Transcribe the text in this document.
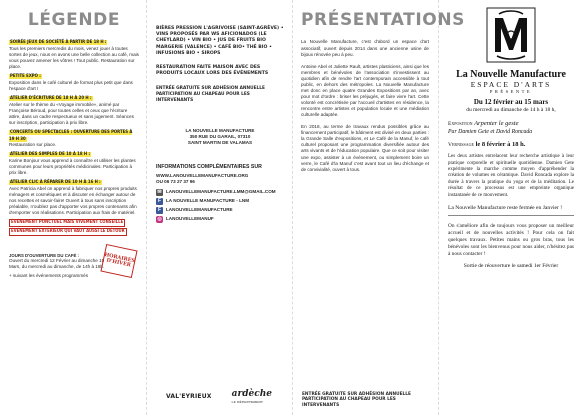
LÉGENDE
SOIRÉE JEUX DE SOCIÉTÉ À PARTIR DE 18 H :
Tous les premiers mercredis du mois, venez jouer à toutes sortes de jeux, nous en avons une belle collection au café, mais vous pouvez amener les vôtres ! Tout public. Restauration sur place.
PETITE EXPO :
Exposition dans le café culturel de format plus petit que dans l'espace d'art !
ATELIER D'ÉCRITURE DE 18 H À 20 H :
Atelier sur le thème du «Voyage immobile», animé par Françoise Béroud, pour toutes celles et ceux que l'écriture attire, dans un cadre respectueux et sans jugement. Séances sur inscription, participation à prix libre.
CONCERTS OU SPECTACLES : OUVERTURE DES PORTES À 19 H 30
Restauration sur place.
ATELIER DES SIMPLES DE 10 À 18 H :
Karine Bonjour vous apprend à connaître et utiliser les plantes communes pour leurs propriétés médicinales. Participation à prix libre.
ATELIER CLIC À RÉPARER DE 10 H À 16 H :
Avec Patricia Abel on apprend à fabriquer nos propres produits ménagers et cosmétiques et à discuter en échanger autour de nos recettes et savoir-faire! Ouvert à tous sans inscription préalable, n'oubliez pas d'apporter vos propres contenants afin d'emporter vos réalisations. Participation aux frais de matériel.
ÉVÉNEMENT PONCTUEL MAIS VIVEMENT CONSEILLÉ
ÉVÉNEMENT EXTÉRIEUR QUI VAUT AUSSI LE DÉTOUR
HORAIRES D'HIVER
JOURS D'OUVERTURE DU CAFÉ :
Ouvert du mercredi 12 Février au dimanche 15 Mars, du mercredi au dimanche, de 14h à 18h.
+ suivant les événements programmés
BIÈRES PRESSION L'AGRIVOISE (SAINT-AGRÈVE) • VINS PROPOSÉS PAR WS AFICIONADOS (LE CHEYLARD) • VIN BIO • JUS DE FRUITS BIO MARGERIE (VALENCE) • CAFÉ BIO• THÉ BIO • INFUSIONS BIO • SIROPS
RESTAURATION FAITE MAISON AVEC DES PRODUITS LOCAUX LORS DES ÉVÉNEMENTS
ENTRÉE GRATUITE SUR ADHÉSION ANNUELLE PARTICIPATION AU CHAPEAU POUR LES INTERVENANTS
LA NOUVELLE MANUFACTURE
350 RUE DU GARAIL, 07310
SAINT MARTIN DE VALAMAS
INFORMATIONS COMPLÉMENTAIRES SUR
WWW.LANOUVELLEMANUFACTURE.ORG
OU 06 73 27 37 96
✉ LANOUVELLEMANUFACTURE.LMM@GMAIL.COM
F	LA NOUVELLE MANUFACTURE - LNM
F	LANOUVELLEMANUFACTURE
◎ LANOUVELLEMANUF
VAL'EYRIEUX ardèche
LE DÉPARTEMENT
PRÉSENTATIONS
La Nouvelle Manufacture, c'est d'abord un espace d'art associatif, ouvert depuis 2014 dans une ancienne usine de bijoux rénovée peu à peu.
Antoine Abel et Juliette Rault, artistes plasticiens, ainsi que les membres et bénévoles de l'association s'investissent au quotidien afin de rendre l'art contemporain accessible à tout public, en dehors des métropoles. La Nouvelle Manufacture met donc en place quatre Grandes Expositions par an, avec pour mot d'ordre : briser les préjugés, et faire vivre l'art. Cette volonté est concrétisée par l'accueil d'artistes en résidence, la rencontre entre artistes et population locale et une médiation culturelle adaptée.
En 2018, au terme de travaux rendus possibles grâce au financement participatif, le bâtiment est divisé en deux parties : la Grande Salle d'expositions, et Le Café de la Manuf, le café culturel proposant une programmation diversifiée autour des arts vivants et de l'éducation populaire. Que ce soit pour visiter une expo, assister à un événement, ou simplement boire un verre, le Café d'la Manuf c'est avant tout un lieu d'échange et de convivialité, ouvert à tous.
ENTRÉE GRATUITE SUR ADHÉSION ANNUELLE PARTICIPATION AU CHAPEAU POUR LES INTERVENANTS
La Nouvelle Manufacture
ESPACE D'ARTS
PRÉSENTE
Du 12 février au 15 mars
du mercredi au dimanche de 14 h à 18 h,
Exposition Arpenter le geste
Par Damien Gete et David Roncada
Vernissage le 8 février à 18 h.
Les deux artistes entrelacent leur recherche artistique à leur pratique corporelle et spirituelle quotidienne. Damien Gete expérimente la marche comme moyen d'appréhender la création de volumes en céramique. David Roncada explore la durée à travers la pratique du yoga et de la méditation. Le résultat de ce processus est une empreinte organique instantanée de ce mouvement.
La Nouvelle Manufacture reste fermée en Janvier !
On s'améliore afin de toujours vous proposer un meilleur accueil et de nouvelles activités ! Pour cela on fait quelques travaux. Petites mains ou gros bras, tous les bénévoles sont les bienvenus pour nous aider, n'hésitez pas à nous contacter !
Sortie de réouverture le samedi 1er Février
